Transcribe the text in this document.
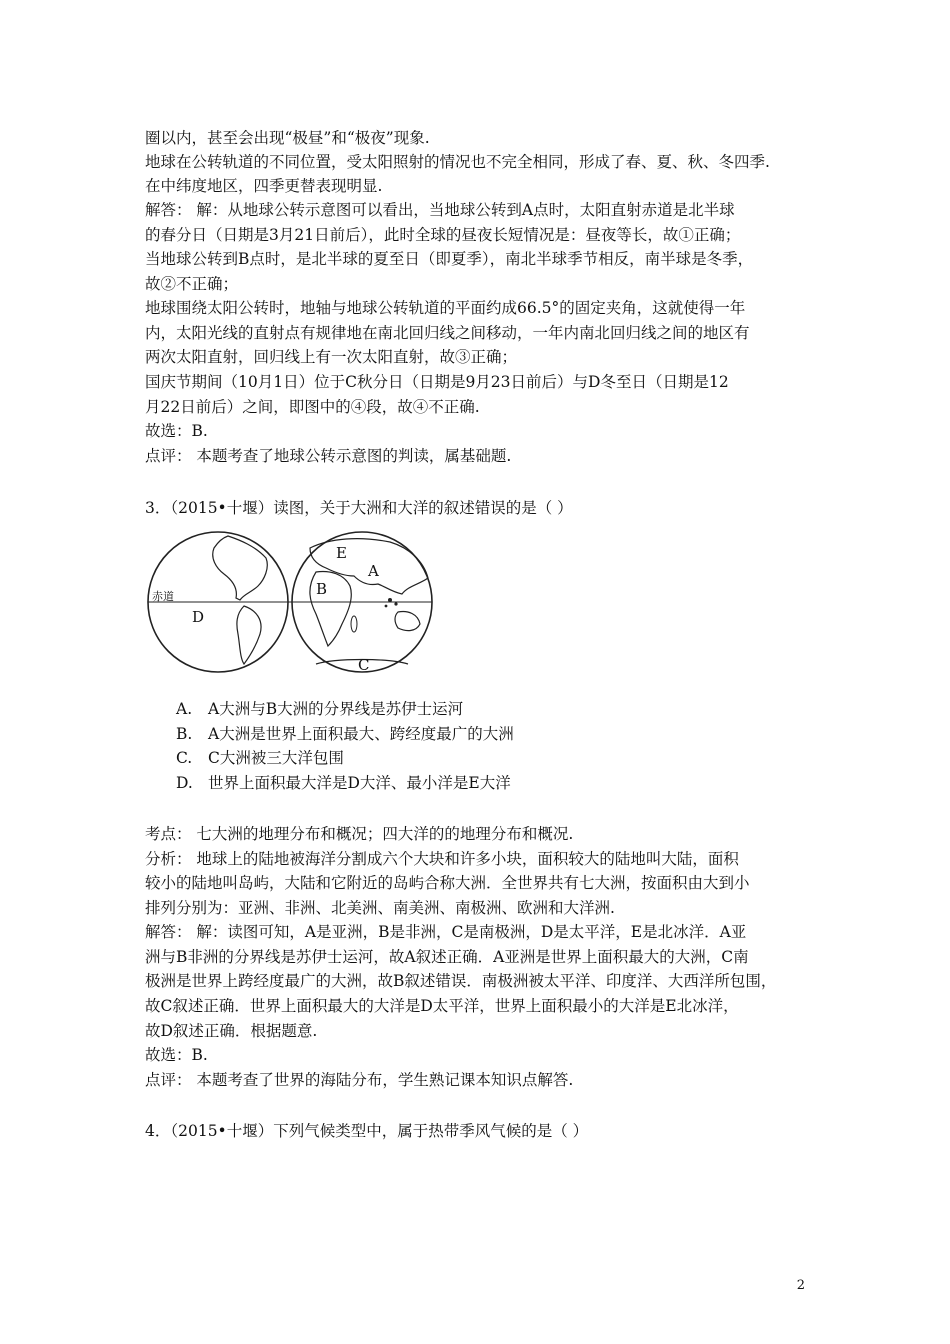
圈以内，甚至会出现“极昼”和“极夜”现象.
地球在公转轨道的不同位置，受太阳照射的情况也不完全相同，形成了春、夏、秋、冬四季.
在中纬度地区，四季更替表现明显.
解答： 解：从地球公转示意图可以看出，当地球公转到A点时，太阳直射赤道是北半球
的春分日（日期是3月21日前后），此时全球的昼夜长短情况是：昼夜等长，故①正确；
当地球公转到B点时，是北半球的夏至日（即夏季），南北半球季节相反，南半球是冬季，
故②不正确；
地球围绕太阳公转时，地轴与地球公转轨道的平面约成66.5°的固定夹角，这就使得一年
内，太阳光线的直射点有规律地在南北回归线之间移动，一年内南北回归线之间的地区有
两次太阳直射，回归线上有一次太阳直射，故③正确；
国庆节期间（10月1日）位于C秋分日（日期是9月23日前后）与D冬至日（日期是12
月22日前后）之间，即图中的④段，故④不正确.
故选：B.
点评： 本题考查了地球公转示意图的判读，属基础题.
3．（2015•十堰）读图，关于大洲和大洋的叙述错误的是（ ）
赤道
A
B
C
D
E
A. A大洲与B大洲的分界线是苏伊士运河
B. A大洲是世界上面积最大、跨经度最广的大洲
C. C大洲被三大洋包围
D. 世界上面积最大洋是D大洋、最小洋是E大洋
考点： 七大洲的地理分布和概况；四大洋的的地理分布和概况.
分析： 地球上的陆地被海洋分割成六个大块和许多小块，面积较大的陆地叫大陆，面积
较小的陆地叫岛屿，大陆和它附近的岛屿合称大洲．全世界共有七大洲，按面积由大到小
排列分别为：亚洲、非洲、北美洲、南美洲、南极洲、欧洲和大洋洲.
解答： 解：读图可知，A是亚洲，B是非洲，C是南极洲，D是太平洋，E是北冰洋．A亚
洲与B非洲的分界线是苏伊士运河，故A叙述正确．A亚洲是世界上面积最大的大洲，C南
极洲是世界上跨经度最广的大洲，故B叙述错误．南极洲被太平洋、印度洋、大西洋所包围，
故C叙述正确．世界上面积最大的大洋是D太平洋，世界上面积最小的大洋是E北冰洋，
故D叙述正确．根据题意.
故选：B.
点评： 本题考查了世界的海陆分布，学生熟记课本知识点解答.
4．（2015•十堰）下列气候类型中，属于热带季风气候的是（ ）
2
